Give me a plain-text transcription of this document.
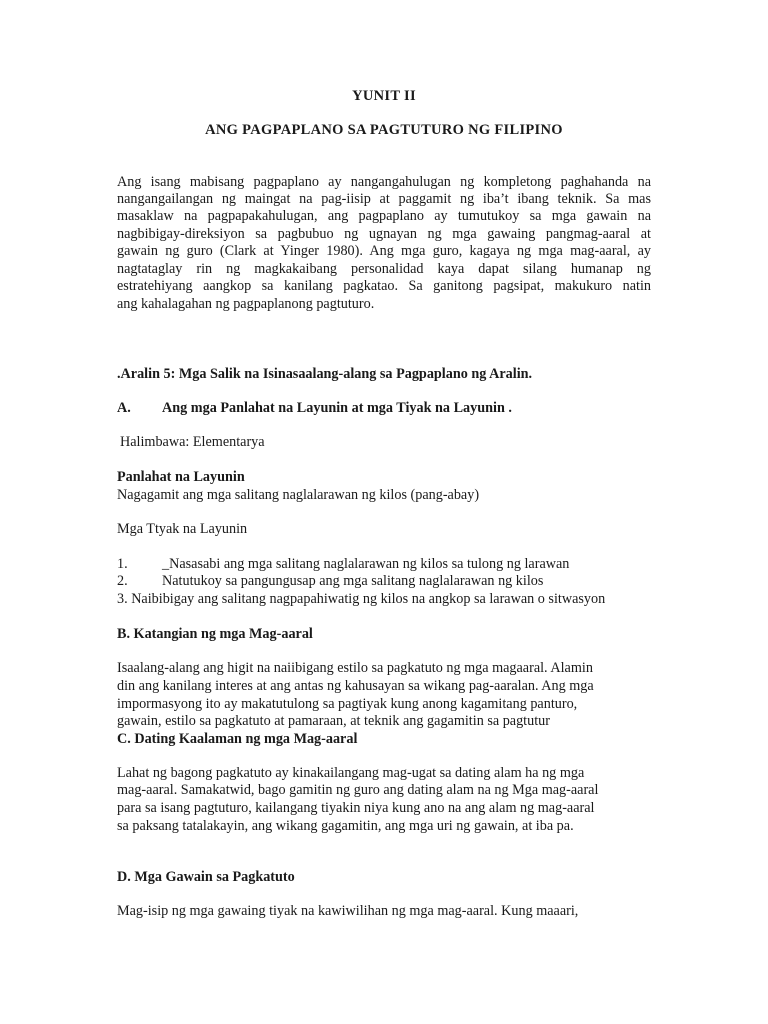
YUNIT II
ANG PAGPAPLANO SA PAGTUTURO NG FILIPINO
Ang isang mabisang pagpaplano ay nangangahulugan ng kompletong paghahanda na
nangangailangan ng maingat na pag-iisip at paggamit ng iba’t ibang teknik. Sa mas
masaklaw na pagpapakahulugan, ang pagpaplano ay tumutukoy sa mga gawain na
nagbibigay-direksiyon sa pagbubuo ng ugnayan ng mga gawaing pangmag-aaral at
gawain ng guro (Clark at Yinger 1980). Ang mga guro, kagaya ng mga mag-aaral, ay
nagtataglay rin ng magkakaibang personalidad kaya dapat silang humanap ng
estratehiyang aangkop sa kanilang pagkatao. Sa ganitong pagsipat, makukuro natin
ang kahalagahan ng pagpaplanong pagtuturo.
.Aralin 5: Mga Salik na Isinasaalang-alang sa Pagpaplano ng Aralin.
A. Ang mga Panlahat na Layunin at mga Tiyak na Layunin .
Halimbawa: Elementarya
Panlahat na Layunin
Nagagamit ang mga salitang naglalarawan ng kilos (pang-abay)
Mga Ttyak na Layunin
1. _Nasasabi ang mga salitang naglalarawan ng kilos sa tulong ng larawan
2. Natutukoy sa pangungusap ang mga salitang naglalarawan ng kilos
3. Naibibigay ang salitang nagpapahiwatig ng kilos na angkop sa larawan o sitwasyon
B. Katangian ng mga Mag-aaral
Isaalang-alang ang higit na naiibigang estilo sa pagkatuto ng mga magaaral. Alamin
din ang kanilang interes at ang antas ng kahusayan sa wikang pag-aaralan. Ang mga
impormasyong ito ay makatutulong sa pagtiyak kung anong kagamitang panturo,
gawain, estilo sa pagkatuto at pamaraan, at teknik ang gagamitin sa pagtutur
C. Dating Kaalaman ng mga Mag-aaral
Lahat ng bagong pagkatuto ay kinakailangang mag-ugat sa dating alam ha ng mga
mag-aaral. Samakatwid, bago gamitin ng guro ang dating alam na ng Mga mag-aaral
para sa isang pagtuturo, kailangang tiyakin niya kung ano na ang alam ng mag-aaral
sa paksang tatalakayin, ang wikang gagamitin, ang mga uri ng gawain, at iba pa.
D. Mga Gawain sa Pagkatuto
Mag-isip ng mga gawaing tiyak na kawiwilihan ng mga mag-aaral. Kung maaari,
